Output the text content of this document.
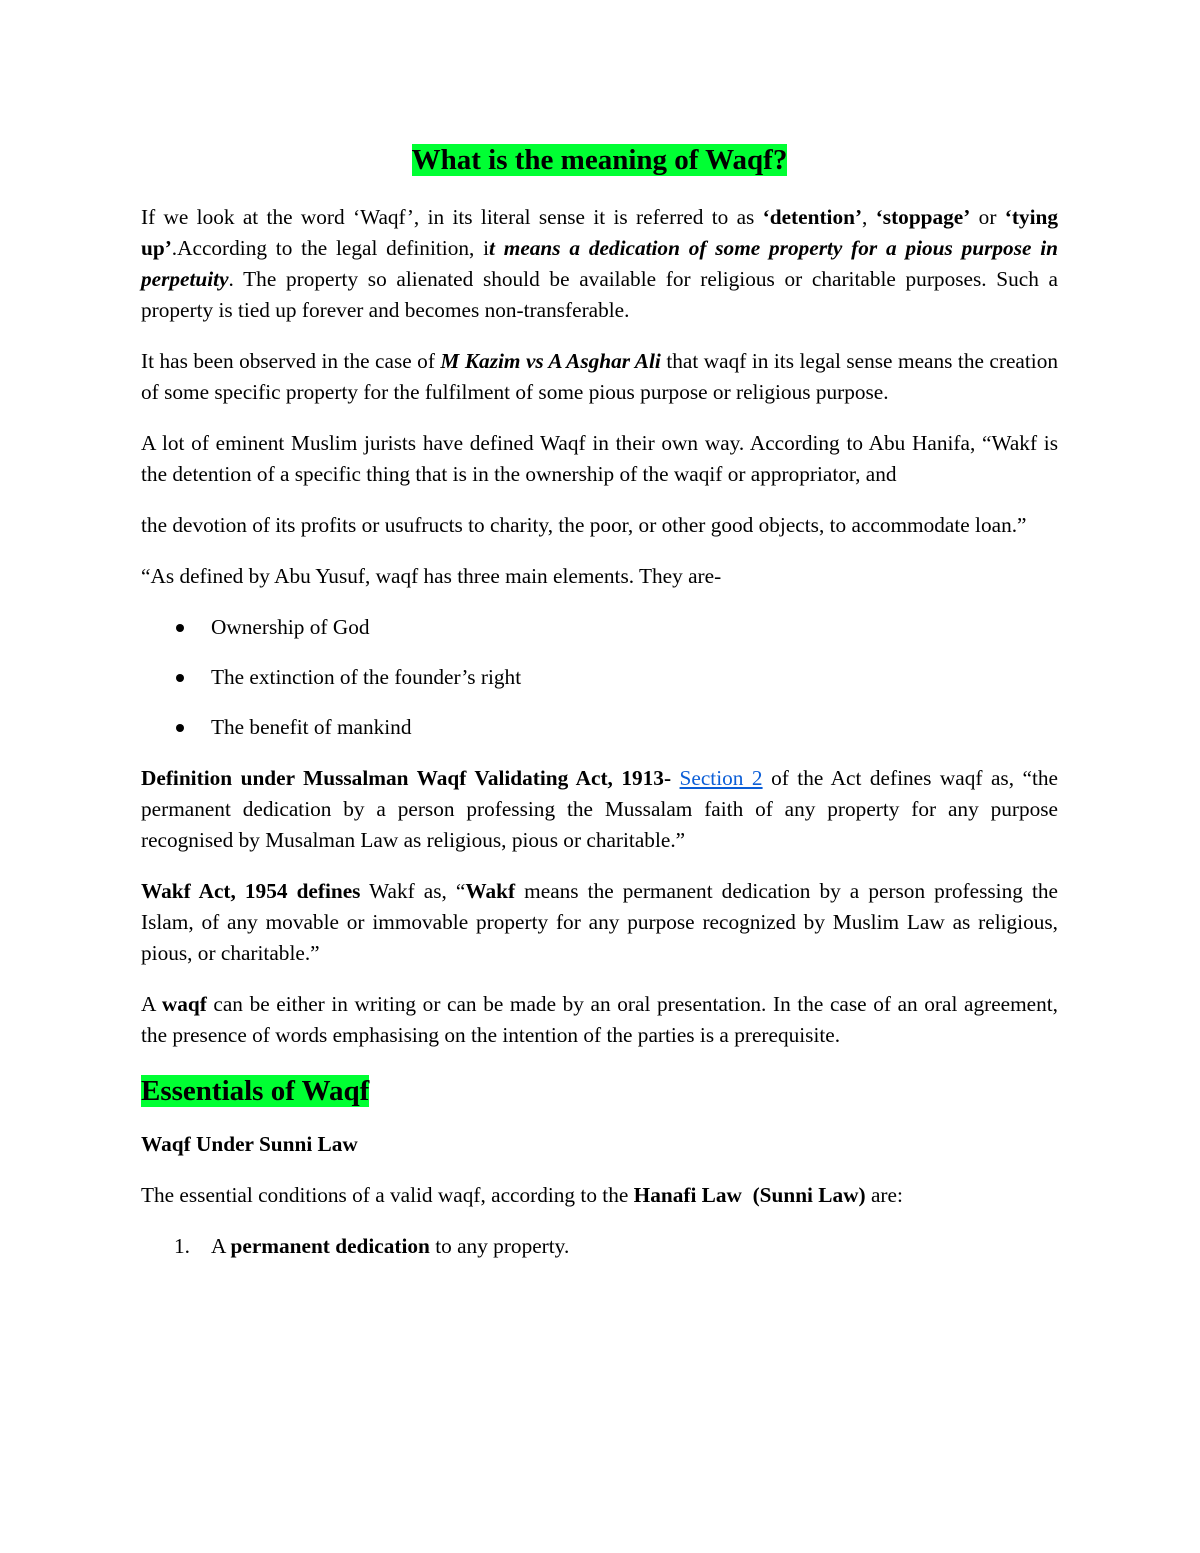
What is the meaning of Waqf?

If we look at the word ‘Waqf’, in its literal sense it is referred to as ‘detention’, ‘stoppage’ or ‘tying up’.According to the legal definition, it means a dedication of some property for a pious purpose in perpetuity. The property so alienated should be available for religious or charitable purposes. Such a property is tied up forever and becomes non-transferable.

It has been observed in the case of M Kazim vs A Asghar Ali that waqf in its legal sense means the creation of some specific property for the fulfilment of some pious purpose or religious purpose.

A lot of eminent Muslim jurists have defined Waqf in their own way. According to Abu Hanifa, “Wakf is the detention of a specific thing that is in the ownership of the waqif or appropriator, and

the devotion of its profits or usufructs to charity, the poor, or other good objects, to accommodate loan.”

“As defined by Abu Yusuf, waqf has three main elements. They are-

Ownership of God
The extinction of the founder’s right
The benefit of mankind

Definition under Mussalman Waqf Validating Act, 1913- Section 2 of the Act defines waqf as, “the permanent dedication by a person professing the Mussalam faith of any property for any purpose recognised by Musalman Law as religious, pious or charitable.”

Wakf Act, 1954 defines Wakf as, “Wakf means the permanent dedication by a person professing the Islam, of any movable or immovable property for any purpose recognized by Muslim Law as religious, pious, or charitable.”

A waqf can be either in writing or can be made by an oral presentation. In the case of an oral agreement, the presence of words emphasising on the intention of the parties is a prerequisite.

Essentials of Waqf
Waqf Under Sunni Law

The essential conditions of a valid waqf, according to the Hanafi Law (Sunni Law) are:

1. A permanent dedication to any property.
